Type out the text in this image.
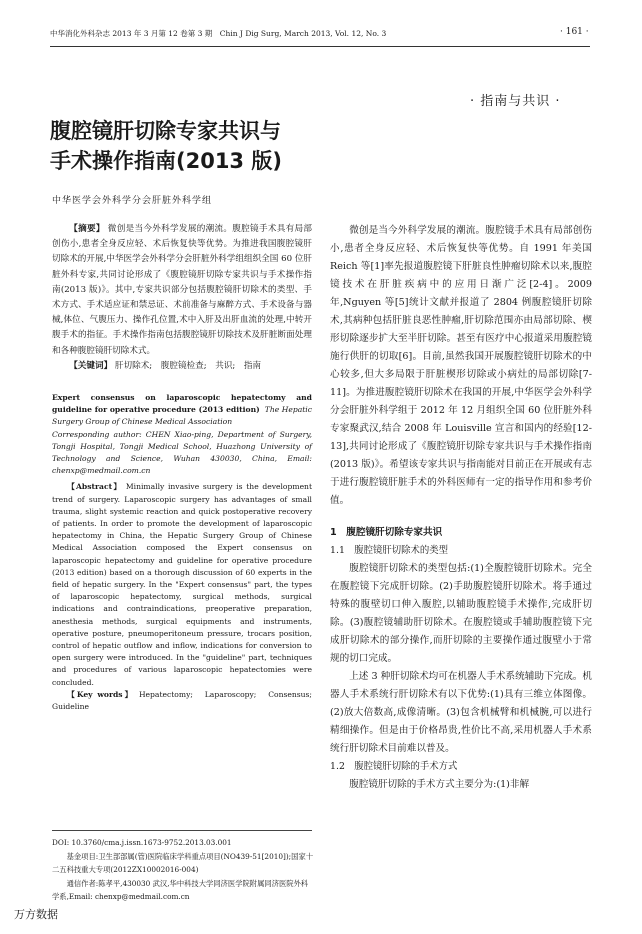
中华消化外科杂志 2013 年 3 月第 12 卷第 3 期　Chin J Dig Surg, March 2013, Vol. 12, No. 3	· 161 ·
· 指南与共识 ·
腹腔镜肝切除专家共识与
手术操作指南(2013 版)
中华医学会外科学分会肝脏外科学组

【摘要】 微创是当今外科学发展的潮流。腹腔镜手术具有局部创伤小,患者全身反应轻、术后恢复快等优势。为推进我国腹腔镜肝切除术的开展,中华医学会外科学分会肝脏外科学组组织全国 60 位肝脏外科专家,共同讨论形成了《腹腔镜肝切除专家共识与手术操作指南(2013 版)》。其中,专家共识部分包括腹腔镜肝切除术的类型、手术方式、手术适应证和禁忌证、术前准备与麻醉方式、手术设备与器械,体位、气腹压力、操作孔位置,术中入肝及出肝血流的处理,中转开腹手术的指征。手术操作指南包括腹腔镜肝切除技术及肝脏断面处理和各种腹腔镜肝切除术式。

【关键词】 肝切除术;　腹腔镜检查;　共识;　指南

Expert consensus on laparoscopic hepatectomy and guideline for operative procedure (2013 edition) The Hepatic Surgery Group of Chinese Medical Association

Corresponding author: CHEN Xiao-ping, Department of Surgery, Tongji Hospital, Tongji Medical School, Huazhong University of Technology and Science, Wuhan 430030, China, Email: chenxp@medmail.com.cn

【Abstract】 Minimally invasive surgery is the development trend of surgery. Laparoscopic surgery has advantages of small trauma, slight systemic reaction and quick postoperative recovery of patients. In order to promote the development of laparoscopic hepatectomy in China, the Hepatic Surgery Group of Chinese Medical Association composed the Expert consensus on laparoscopic hepatectomy and guideline for operative procedure (2013 edition) based on a thorough discussion of 60 experts in the field of hepatic surgery. In the "Expert consensus" part, the types of laparoscopic hepatectomy, surgical methods, surgical indications and contraindications, preoperative preparation, anesthesia methods, surgical equipments and instruments, operative posture, pneumoperitoneum pressure, trocars position, control of hepatic outflow and inflow, indications for conversion to open surgery were introduced. In the "guideline" part, techniques and procedures of various laparoscopic hepatectomies were concluded.

【Key words】 Hepatectomy;　Laparoscopy;　Consensus;　Guideline

DOI: 10.3760/cma.j.issn.1673-9752.2013.03.001

基金项目:卫生部部属(管)医院临床学科重点项目(NO439-51[2010]);国家十二五科技重大专项(2012ZX10002016-004)

通信作者:陈孝平,430030 武汉,华中科技大学同济医学院附属同济医院外科学系,Email: chenxp@medmail.com.cn

微创是当今外科学发展的潮流。腹腔镜手术具有局部创伤小,患者全身反应轻、术后恢复快等优势。自 1991 年美国 Reich 等[1]率先报道腹腔镜下肝脏良性肿瘤切除术以来,腹腔镜技术在肝脏疾病中的应用日渐广泛[2-4]。2009 年,Nguyen 等[5]统计文献并报道了 2804 例腹腔镜肝切除术,其病种包括肝脏良恶性肿瘤,肝切除范围亦由局部切除、楔形切除逐步扩大至半肝切除。甚至有医疗中心报道采用腹腔镜施行供肝的切取[6]。目前,虽然我国开展腹腔镜肝切除术的中心较多,但大多局限于肝脏楔形切除或小病灶的局部切除[7-11]。为推进腹腔镜肝切除术在我国的开展,中华医学会外科学分会肝脏外科学组于 2012 年 12 月组织全国 60 位肝脏外科专家聚武汉,结合 2008 年 Louisville 宣言和国内的经验[12-13],共同讨论形成了《腹腔镜肝切除专家共识与手术操作指南(2013 版)》。希望该专家共识与指南能对目前正在开展或有志于进行腹腔镜肝脏手术的外科医师有一定的指导作用和参考价值。

1　腹腔镜肝切除专家共识

1.1　腹腔镜肝切除术的类型

腹腔镜肝切除术的类型包括:(1)全腹腔镜肝切除术。完全在腹腔镜下完成肝切除。(2)手助腹腔镜肝切除术。将手通过特殊的腹壁切口伸入腹腔,以辅助腹腔镜手术操作,完成肝切除。(3)腹腔镜辅助肝切除术。在腹腔镜或手辅助腹腔镜下完成肝切除术的部分操作,而肝切除的主要操作通过腹壁小于常规的切口完成。

上述 3 种肝切除术均可在机器人手术系统辅助下完成。机器人手术系统行肝切除术有以下优势:(1)具有三维立体图像。(2)放大倍数高,成像清晰。(3)包含机械臂和机械腕,可以进行精细操作。但是由于价格昂贵,性价比不高,采用机器人手术系统行肝切除术目前难以普及。

1.2　腹腔镜肝切除的手术方式

腹腔镜肝切除的手术方式主要分为:(1)非解

万方数据
